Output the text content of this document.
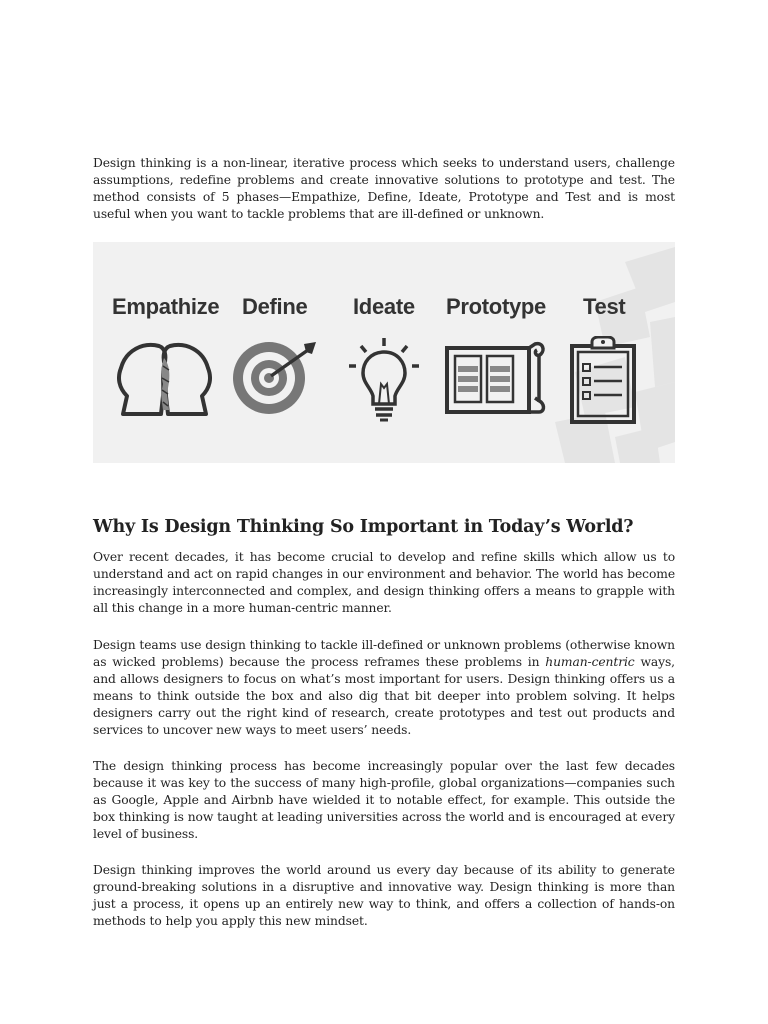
Design thinking is a non-linear, iterative process which seeks to understand users, challenge assumptions, redefine problems and create innovative solutions to prototype and test. The method consists of 5 phases—Empathize, Define, Ideate, Prototype and Test and is most useful when you want to tackle problems that are ill-defined or unknown.

Empathize Define Ideate Prototype Test
Why Is Design Thinking So Important in Today’s World?

Over recent decades, it has become crucial to develop and refine skills which allow us to understand and act on rapid changes in our environment and behavior. The world has become increasingly interconnected and complex, and design thinking offers a means to grapple with all this change in a more human-centric manner.

Design teams use design thinking to tackle ill-defined or unknown problems (otherwise known as wicked problems) because the process reframes these problems in human-centric ways, and allows designers to focus on what’s most important for users. Design thinking offers us a means to think outside the box and also dig that bit deeper into problem solving. It helps designers carry out the right kind of research, create prototypes and test out products and services to uncover new ways to meet users’ needs.

The design thinking process has become increasingly popular over the last few decades because it was key to the success of many high-profile, global organizations—companies such as Google, Apple and Airbnb have wielded it to notable effect, for example. This outside the box thinking is now taught at leading universities across the world and is encouraged at every level of business.

Design thinking improves the world around us every day because of its ability to generate ground-breaking solutions in a disruptive and innovative way. Design thinking is more than just a process, it opens up an entirely new way to think, and offers a collection of hands-on methods to help you apply this new mindset.
